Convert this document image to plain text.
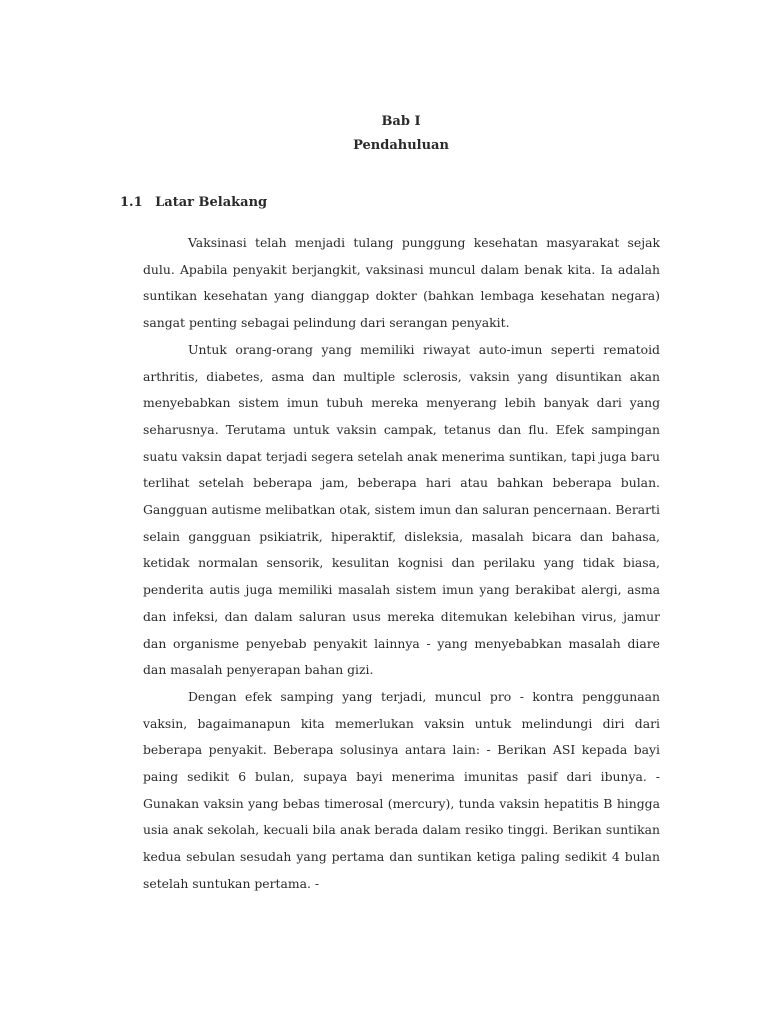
Bab I
Pendahuluan
1.1 Latar Belakang

Vaksinasi telah menjadi tulang punggung kesehatan masyarakat sejak dulu. Apabila penyakit berjangkit, vaksinasi muncul dalam benak kita. Ia adalah suntikan kesehatan yang dianggap dokter (bahkan lembaga kesehatan negara) sangat penting sebagai pelindung dari serangan penyakit.

Untuk orang-orang yang memiliki riwayat auto-imun seperti rematoid arthritis, diabetes, asma dan multiple sclerosis, vaksin yang disuntikan akan menyebabkan sistem imun tubuh mereka menyerang lebih banyak dari yang seharusnya. Terutama untuk vaksin campak, tetanus dan flu. Efek sampingan suatu vaksin dapat terjadi segera setelah anak menerima suntikan, tapi juga baru terlihat setelah beberapa jam, beberapa hari atau bahkan beberapa bulan. Gangguan autisme melibatkan otak, sistem imun dan saluran pencernaan. Berarti selain gangguan psikiatrik, hiperaktif, disleksia, masalah bicara dan bahasa, ketidak normalan sensorik, kesulitan kognisi dan perilaku yang tidak biasa, penderita autis juga memiliki masalah sistem imun yang berakibat alergi, asma dan infeksi, dan dalam saluran usus mereka ditemukan kelebihan virus, jamur dan organisme penyebab penyakit lainnya - yang menyebabkan masalah diare dan masalah penyerapan bahan gizi.

Dengan efek samping yang terjadi, muncul pro - kontra penggunaan vaksin, bagaimanapun kita memerlukan vaksin untuk melindungi diri dari beberapa penyakit. Beberapa solusinya antara lain: - Berikan ASI kepada bayi paing sedikit 6 bulan, supaya bayi menerima imunitas pasif dari ibunya. - Gunakan vaksin yang bebas timerosal (mercury), tunda vaksin hepatitis B hingga usia anak sekolah, kecuali bila anak berada dalam resiko tinggi. Berikan suntikan kedua sebulan sesudah yang pertama dan suntikan ketiga paling sedikit 4 bulan setelah suntukan pertama. -
